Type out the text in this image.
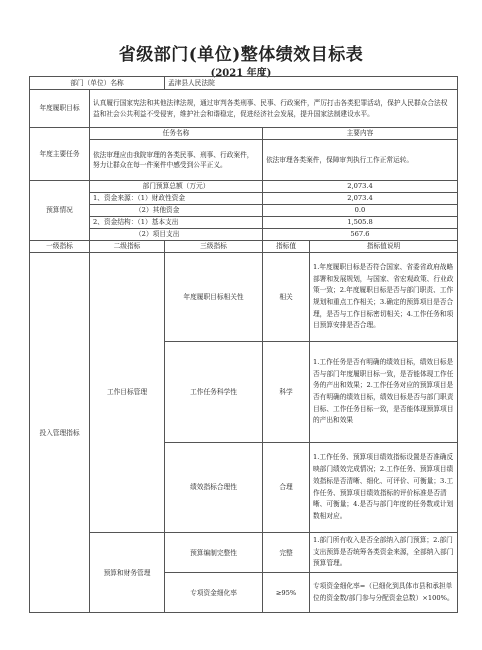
省级部门(单位)整体绩效目标表
(2021 年度)
部门（单位）名称		孟津县人民法院		
年度履职目标	认真履行国家宪法和其他法律法规，通过审判各类刑事、民事、行政案件，严厉打击各类犯罪活动，保护人民群众合法权益和社会公共利益不受侵害，维护社会和谐稳定，促进经济社会发展，提升国家法制建设水平。			
年度主要任务	任务名称		主要内容	
	依法审理应由我院审理的各类民事、刑事、行政案件，努力让群众在每一件案件中感受到公平正义。		依法审理各类案件，保障审判执行工作正常运转。	
预算情况	部门预算总额（万元）		2,073.4	
	1、资金来源：（1）财政性资金		2,073.4	
	（2）其他资金		0.0	
	2、资金结构：（1）基本支出		1,505.8	
	（2）项目支出		567.6	
一级指标	二级指标	三级指标	指标值	指标值说明
投入管理指标	工作目标管理	年度履职目标相关性	相关	1.年度履职目标是否符合国家、省委省政府战略部署和发展规划，与国家、省宏观政策、行业政策一致；2.年度履职目标是否与部门职责、工作规划和重点工作相关；3.确定的预算项目是否合理，是否与工作目标密切相关；4.工作任务和项目预算安排是否合理。
		工作任务科学性	科学	1.工作任务是否有明确的绩效目标，绩效目标是否与部门年度履职目标一致，是否能体现工作任务的产出和效果；2.工作任务对应的预算项目是否有明确的绩效目标，绩效目标是否与部门职责目标、工作任务目标一致，是否能体现预算项目的产出和效果
		绩效指标合理性	合理	1.工作任务、预算项目绩效指标设置是否准确反映部门绩效完成情况；2.工作任务、预算项目绩效指标是否清晰、细化、可评价、可衡量；3.工作任务、预算项目绩效指标的评价标准是否清晰、可衡量；4.是否与部门年度的任务数或计划数相对应。
	预算和财务管理	预算编制完整性	完整	1.部门所有收入是否全部纳入部门预算；2.部门支出预算是否统筹各类资金来源，全部纳入部门预算管理。
		专项资金细化率	≥95%	专项资金细化率=（已细化到具体市县和承担单位的资金数/部门参与分配资金总数）×100%。
